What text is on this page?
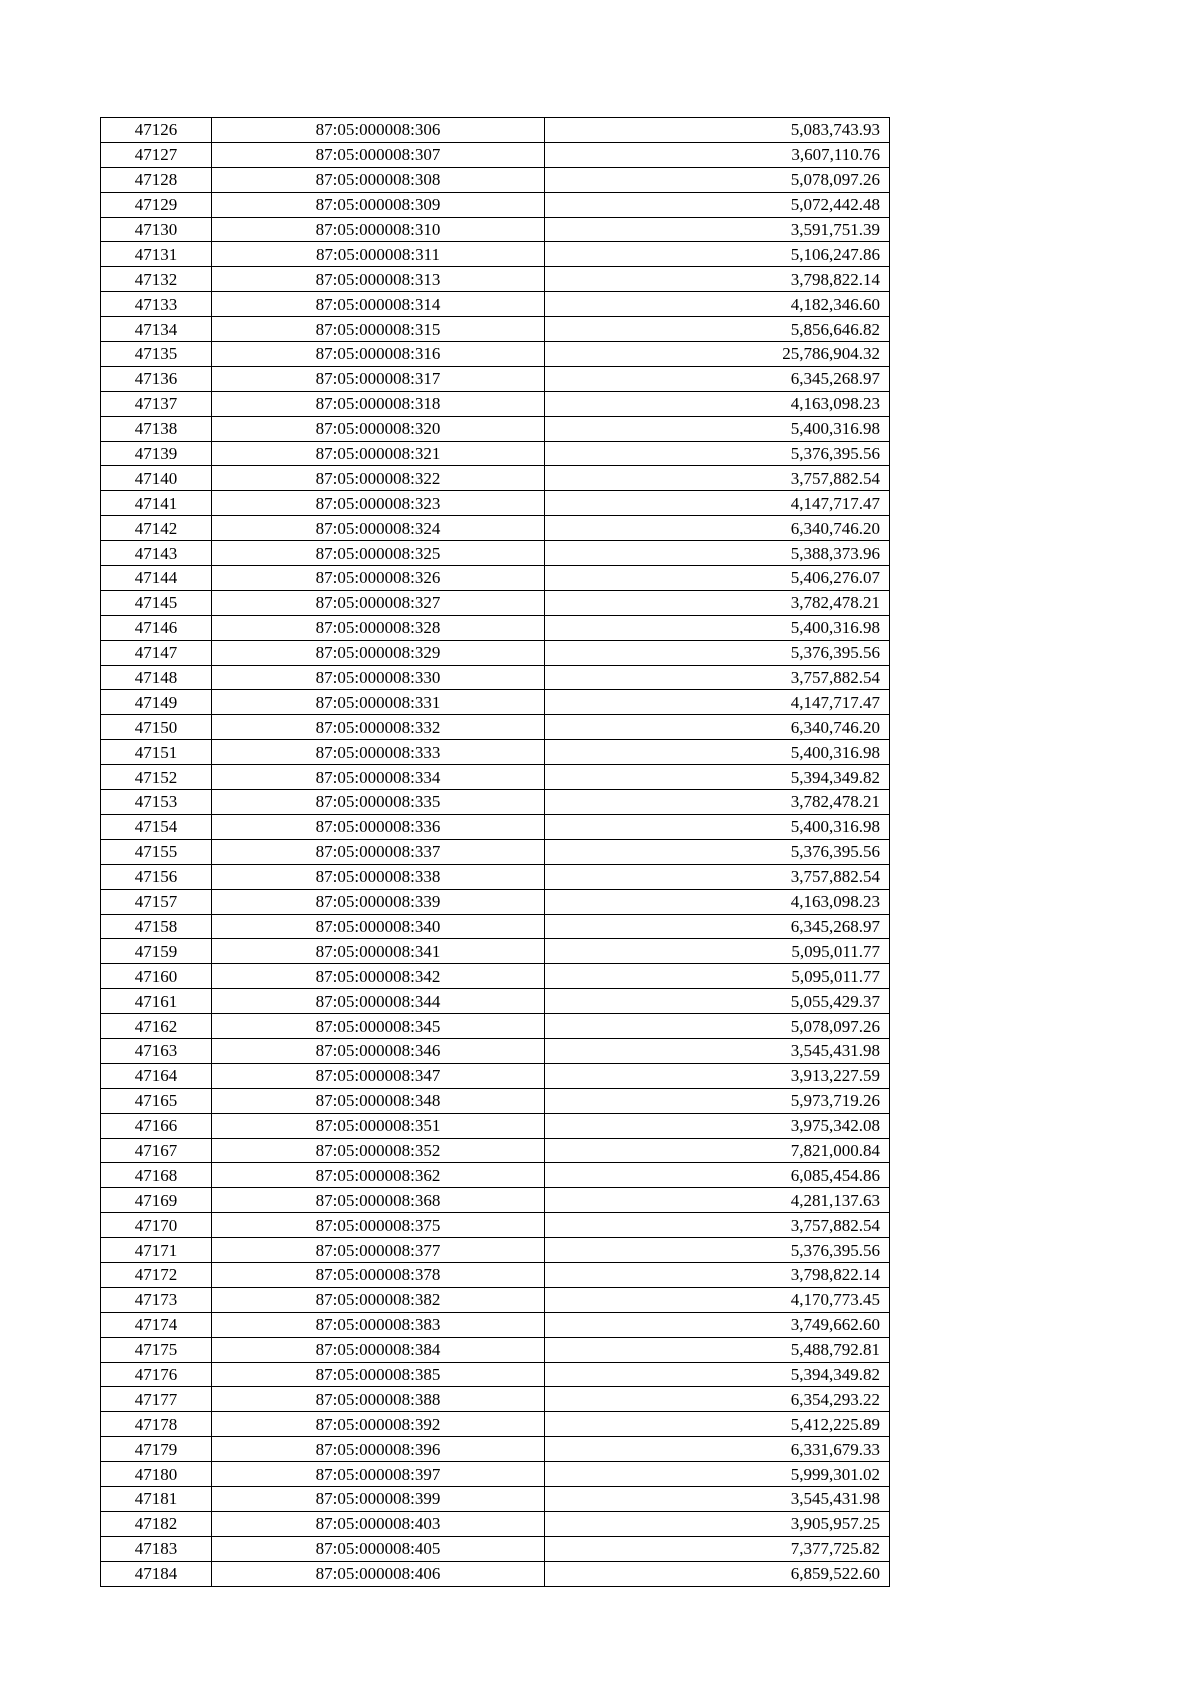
47126	87:05:000008:306	5,083,743.93
47127	87:05:000008:307	3,607,110.76
47128	87:05:000008:308	5,078,097.26
47129	87:05:000008:309	5,072,442.48
47130	87:05:000008:310	3,591,751.39
47131	87:05:000008:311	5,106,247.86
47132	87:05:000008:313	3,798,822.14
47133	87:05:000008:314	4,182,346.60
47134	87:05:000008:315	5,856,646.82
47135	87:05:000008:316	25,786,904.32
47136	87:05:000008:317	6,345,268.97
47137	87:05:000008:318	4,163,098.23
47138	87:05:000008:320	5,400,316.98
47139	87:05:000008:321	5,376,395.56
47140	87:05:000008:322	3,757,882.54
47141	87:05:000008:323	4,147,717.47
47142	87:05:000008:324	6,340,746.20
47143	87:05:000008:325	5,388,373.96
47144	87:05:000008:326	5,406,276.07
47145	87:05:000008:327	3,782,478.21
47146	87:05:000008:328	5,400,316.98
47147	87:05:000008:329	5,376,395.56
47148	87:05:000008:330	3,757,882.54
47149	87:05:000008:331	4,147,717.47
47150	87:05:000008:332	6,340,746.20
47151	87:05:000008:333	5,400,316.98
47152	87:05:000008:334	5,394,349.82
47153	87:05:000008:335	3,782,478.21
47154	87:05:000008:336	5,400,316.98
47155	87:05:000008:337	5,376,395.56
47156	87:05:000008:338	3,757,882.54
47157	87:05:000008:339	4,163,098.23
47158	87:05:000008:340	6,345,268.97
47159	87:05:000008:341	5,095,011.77
47160	87:05:000008:342	5,095,011.77
47161	87:05:000008:344	5,055,429.37
47162	87:05:000008:345	5,078,097.26
47163	87:05:000008:346	3,545,431.98
47164	87:05:000008:347	3,913,227.59
47165	87:05:000008:348	5,973,719.26
47166	87:05:000008:351	3,975,342.08
47167	87:05:000008:352	7,821,000.84
47168	87:05:000008:362	6,085,454.86
47169	87:05:000008:368	4,281,137.63
47170	87:05:000008:375	3,757,882.54
47171	87:05:000008:377	5,376,395.56
47172	87:05:000008:378	3,798,822.14
47173	87:05:000008:382	4,170,773.45
47174	87:05:000008:383	3,749,662.60
47175	87:05:000008:384	5,488,792.81
47176	87:05:000008:385	5,394,349.82
47177	87:05:000008:388	6,354,293.22
47178	87:05:000008:392	5,412,225.89
47179	87:05:000008:396	6,331,679.33
47180	87:05:000008:397	5,999,301.02
47181	87:05:000008:399	3,545,431.98
47182	87:05:000008:403	3,905,957.25
47183	87:05:000008:405	7,377,725.82
47184	87:05:000008:406	6,859,522.60
